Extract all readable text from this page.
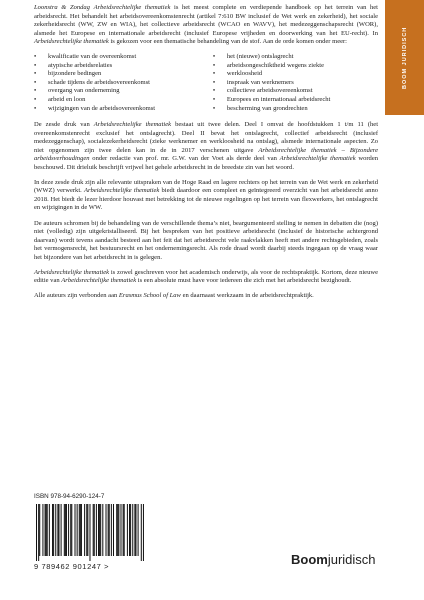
BOOM JURIDISCH

Loonstra & Zondag Arbeidsrechtelijke thematiek is het meest complete en verdiepende handboek op het terrein van het arbeidsrecht. Het behandelt het arbeidsovereenkomstenrecht (artikel 7:610 BW inclusief de Wet werk en zekerheid), het sociale zekerheidsrecht (WW, ZW en WIA), het collectieve arbeidsrecht (WCAO en WAVV), het medezeggenschapsrecht (WOR), alsmede het Europese en internationale arbeidsrecht (inclusief Europese vrijheden en doorwerking van het EU-recht). In Arbeidsrechtelijke thematiek is gekozen voor een thematische behandeling van de stof. Aan de orde komen onder meer:

▪ kwalificatie van de overeenkomst
▪ atypische arbeidsrelaties
▪ bijzondere bedingen
▪ schade tijdens de arbeidsovereenkomst
▪ overgang van onderneming
▪ arbeid en loon
▪ wijzigingen van de arbeidsovereenkomst
▪ het (nieuwe) ontslagrecht
▪ arbeidsongeschiktheid wegens ziekte
▪ werkloosheid
▪ inspraak van werknemers
▪ collectieve arbeidsovereenkomst
▪ Europees en internationaal arbeidsrecht
▪ bescherming van grondrechten

De zesde druk van Arbeidsrechtelijke thematiek bestaat uit twee delen. Deel I omvat de hoofdstukken 1 t/m 11 (het overeenkomstenrecht exclusief het ontslagrecht). Deel II bevat het ontslagrecht, collectief arbeidsrecht (inclusief medezeggenschap), socialezekerheidsrecht (zieke werknemer en werkloosheid na ontslag), alsmede internationale aspecten. Zo niet opgenomen zijn twee delen kan in de in 2017 verschenen uitgave Arbeidsrechtelijke thematiek – Bijzondere arbeidsverhoudingen onder redactie van prof. mr. G.W. van der Voet als derde deel van Arbeidsrechtelijke thematiek worden beschouwd. Dit drieluik beschrijft vrijwel het gehele arbeidsrecht in de breedste zin van het woord.

In deze zesde druk zijn alle relevante uitspraken van de Hoge Raad en lagere rechters op het terrein van de Wet werk en zekerheid (WWZ) verwerkt. Arbeidsrechtelijke thematiek biedt daardoor een compleet en geïntegreerd overzicht van het arbeidsrecht anno 2018. Het biedt de lezer hierdoor houvast met betrekking tot de nieuwe regelingen op het terrein van flexwerkers, het ontslagrecht en wijzigingen in de WW.

De auteurs schromen bij de behandeling van de verschillende thema’s niet, beargumenteerd stelling te nemen in debatten die (nog) niet (volledig) zijn uitgekristalliseerd. Bij het bespreken van het positieve arbeidsrecht (inclusief de historische achtergrond daarvan) wordt tevens aandacht besteed aan het feit dat het arbeidsrecht vele raakvlakken heeft met andere rechtsgebieden, zoals het vermogensrecht, het bestuursrecht en het ondernemingsrecht. Als rode draad wordt daarbij steeds ingegaan op de vraag waar het bijzondere van het arbeidsrecht in is gelegen.

Arbeidsrechtelijke thematiek is zowel geschreven voor het academisch onderwijs, als voor de rechtspraktijk. Kortom, deze nieuwe editie van Arbeidsrechtelijke thematiek is een absolute must have voor iedereen die zich met het arbeidsrecht bezighoudt.

Alle auteurs zijn verbonden aan Erasmus School of Law en daarnaast werkzaam in de arbeidsrechtpraktijk.

ISBN 978-94-6290-124-7
9 789462 901247 >	Boomjuridisch
